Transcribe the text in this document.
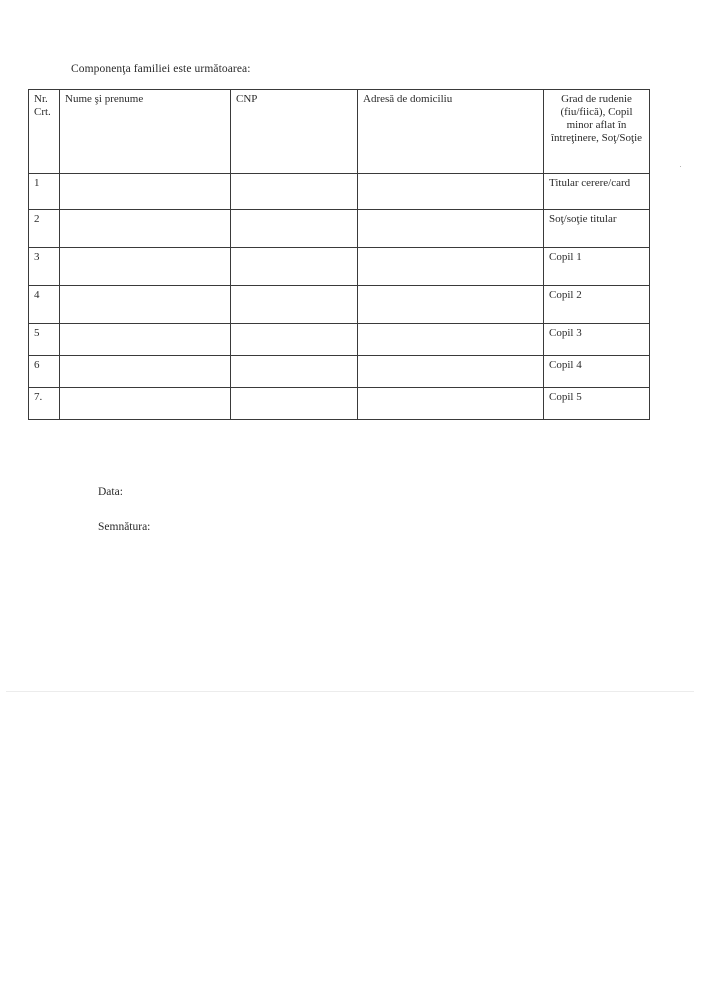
Componenţa familiei este următoarea:
Nr. Crt.	Nume şi prenume	CNP	Adresă de domiciliu	Grad de rudenie (fiu/fiică), Copil minor aflat în întreţinere, Soţ/Soţie
1				Titular cerere/card
2				Soţ/soţie titular
3				Copil 1
4				Copil 2
5				Copil 3
6				Copil 4
7.				Copil 5
Data:
Semnătura:
